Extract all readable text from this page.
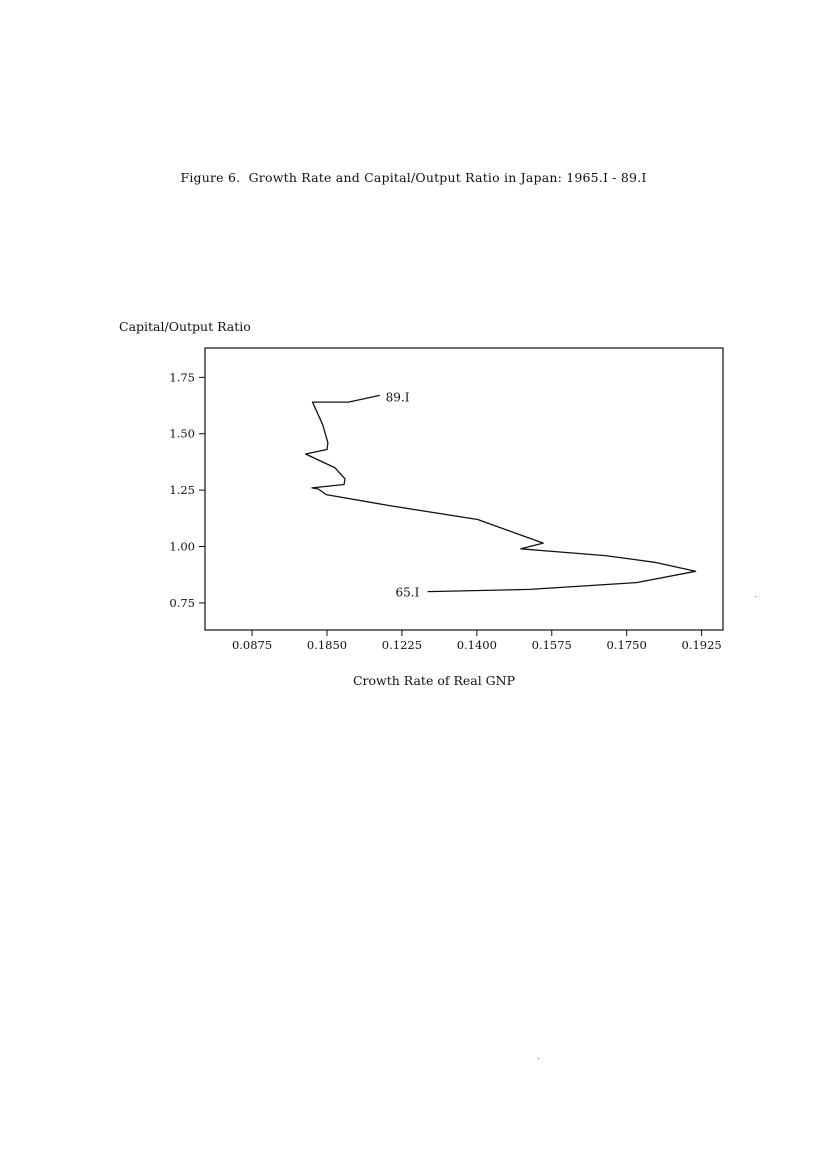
Figure 6.  Growth Rate and Capital/Output Ratio in Japan: 1965.I - 89.I
Capital/Output Ratio
1.75
1.50
1.25
1.00
0.75
0.0875	0.1850	0.1225	0.1400	0.1575	0.1750	0.1925
65.I
89.I
Crowth Rate of Real GNP
